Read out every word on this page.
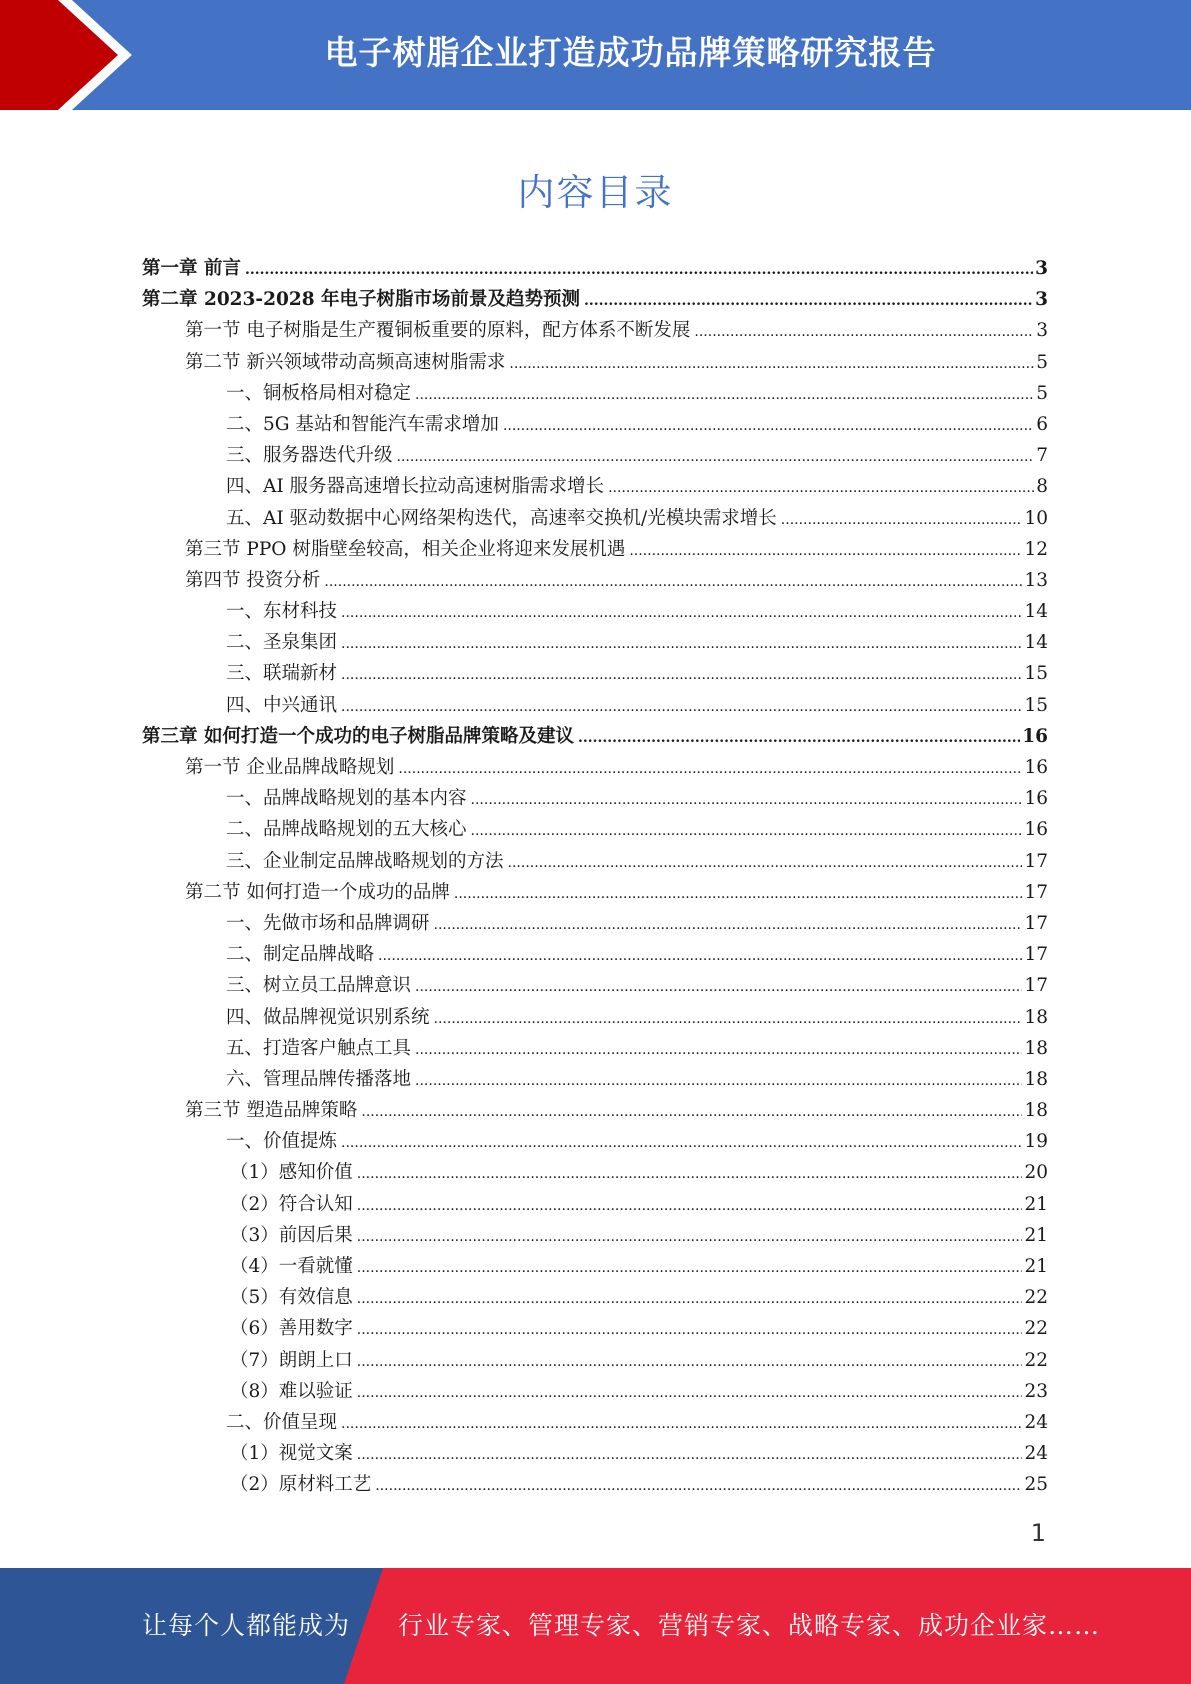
电子树脂企业打造成功品牌策略研究报告
内容目录
第一章 前言 .....	3
第二章 2023-2028 年电子树脂市场前景及趋势预测 .....	3
第一节 电子树脂是生产覆铜板重要的原料，配方体系不断发展 .....	3
第二节 新兴领域带动高频高速树脂需求 .....	5
一、铜板格局相对稳定 .....	5
二、5G 基站和智能汽车需求增加 .....	6
三、服务器迭代升级 .....	7
四、AI 服务器高速增长拉动高速树脂需求增长 .....	8
五、AI 驱动数据中心网络架构迭代，高速率交换机/光模块需求增长 .....	10
第三节 PPO 树脂壁垒较高，相关企业将迎来发展机遇 .....	12
第四节 投资分析 .....	13
一、东材科技 .....	14
二、圣泉集团 .....	14
三、联瑞新材 .....	15
四、中兴通讯 .....	15
第三章 如何打造一个成功的电子树脂品牌策略及建议 .....	16
第一节 企业品牌战略规划 .....	16
一、品牌战略规划的基本内容 .....	16
二、品牌战略规划的五大核心 .....	16
三、企业制定品牌战略规划的方法 .....	17
第二节 如何打造一个成功的品牌 .....	17
一、先做市场和品牌调研 .....	17
二、制定品牌战略 .....	17
三、树立员工品牌意识 .....	17
四、做品牌视觉识别系统 .....	18
五、打造客户触点工具 .....	18
六、管理品牌传播落地 .....	18
第三节 塑造品牌策略 .....	18
一、价值提炼 .....	19
（1）感知价值 .....	20
（2）符合认知 .....	21
（3）前因后果 .....	21
（4）一看就懂 .....	21
（5）有效信息 .....	22
（6）善用数字 .....	22
（7）朗朗上口 .....	22
（8）难以验证 .....	23
二、价值呈现 .....	24
（1）视觉文案 .....	24
（2）原材料工艺 .....	25
1
让每个人都能成为 行业专家、管理专家、营销专家、战略专家、成功企业家……
